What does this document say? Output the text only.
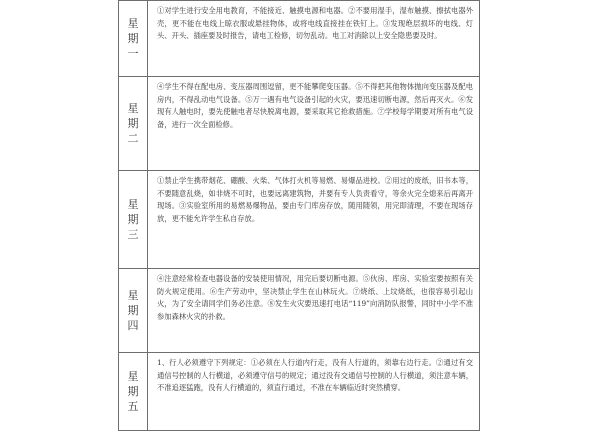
星
期
一	①对学生进行安全用电教育，不能接近、触摸电源和电器。②不要用湿手，湿布触摸、擦拭电器外壳，更不能在电线上晾衣服或悬挂物体，或将电线直接挂在铁钉上。③发现绝层损坏的电线、灯头、开头、插座要及时报告，请电工检修，切勿乱动。电工对消除以上安全隐患要及时。

星
期
二	④学生不得在配电房、变压器周围逗留，更不能攀爬变压器。⑤不得把其他物体抛向变压器及配电房内，不得乱动电气设备。⑤万一遇有电气设备引起的火灾，要迅速切断电源，然后再灭火。⑥发现有人触电时，要先使触电者尽快脱离电源，要采取其它抢救措施。⑦学校每学期要对所有电气设备，进行一次全面检修。

星
期
三	①禁止学生携带烟花、硼酸、火柴、气体打火机等易燃、易爆品进校。②用过的废纸，旧书本等，不要随意乱烧，如非烧不可时，也要远离建筑物，并要有专人负责看守，等余火完全熄来后再离开现场。③实验室所用的易燃易爆物品，要由专门库房存放，随用随领，用完即清理，不要在现场存放，更不能允许学生私自存放。

星
期
四	④注意经常检查电器设备的安装使用情况，用完后要切断电源。⑤伙房、库房、实验室要按照有关防火规定使用。⑥生产劳动中，坚决禁止学生在山林玩火。⑦烧纸、上坟烧纸，也很容易引起山火，为了安全请同学们务必注意。⑧发生火灾要迅速打电话“119”向消防队报警，同时中小学不准参加森林火灾的扑救。

星
期
五	1、行人必须遵守下列规定：①必须在人行道内行走，没有人行道的，须靠右边行走。②通过有交通信号控制的人行横道，必须遵守信号的规定；通过没有交通信号控制的人行横道，须注意车辆，不准追逐猛跑，没有人行横道的，须直行通过，不准在车辆临近时突然横穿。
